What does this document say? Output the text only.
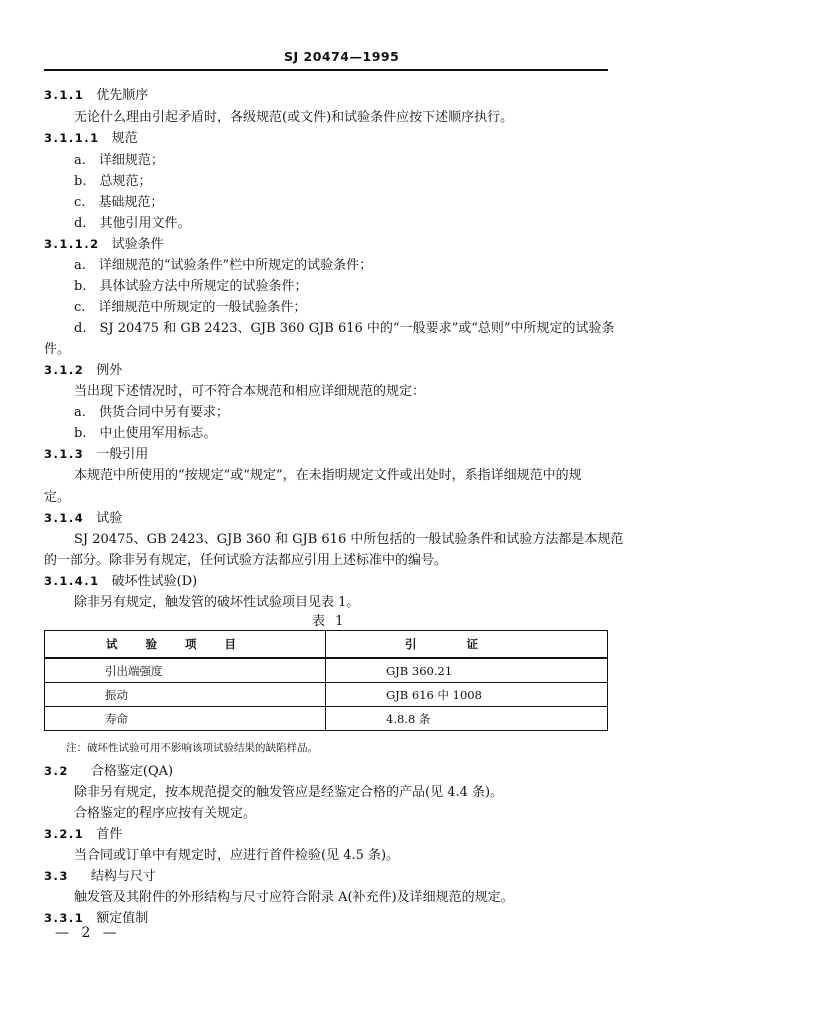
SJ 20474—1995
3.1.1 优先顺序
无论什么理由引起矛盾时，各级规范(或文件)和试验条件应按下述顺序执行。
3.1.1.1 规范
a.　详细规范；
b.　总规范；
c.　基础规范；
d.　其他引用文件。
3.1.1.2 试验条件
a.　详细规范的“试验条件”栏中所规定的试验条件；
b.　具体试验方法中所规定的试验条件；
c.　详细规范中所规定的一般试验条件；
d.　SJ 20475 和 GB 2423、GJB 360 GJB 616 中的“一般要求”或“总则”中所规定的试验条
件。
3.1.2 例外
当出现下述情况时，可不符合本规范和相应详细规范的规定：
a.　供货合同中另有要求；
b.　中止使用军用标志。
3.1.3 一般引用
本规范中所使用的“按规定”或“规定”，在未指明规定文件或出处时，系指详细规范中的规
定。
3.1.4 试验
SJ 20475、GB 2423、GJB 360 和 GJB 616 中所包括的一般试验条件和试验方法都是本规范
的一部分。除非另有规定，任何试验方法都应引用上述标准中的编号。
3.1.4.1 破坏性试验(D)
除非另有规定，触发管的破坏性试验项目见表 1。
表 1
试验项目	引证
引出端强度	GJB 360.21
振动	GJB 616 中 1008
寿命	4.8.8 条
注：破坏性试验可用不影响该项试验结果的缺陷样品。
3.2 合格鉴定(QA)
除非另有规定，按本规范提交的触发管应是经鉴定合格的产品(见 4.4 条)。
合格鉴定的程序应按有关规定。
3.2.1 首件
当合同或订单中有规定时，应进行首件检验(见 4.5 条)。
3.3 结构与尺寸
触发管及其附件的外形结构与尺寸应符合附录 A(补充件)及详细规范的规定。
3.3.1 额定值制
— 2 —
